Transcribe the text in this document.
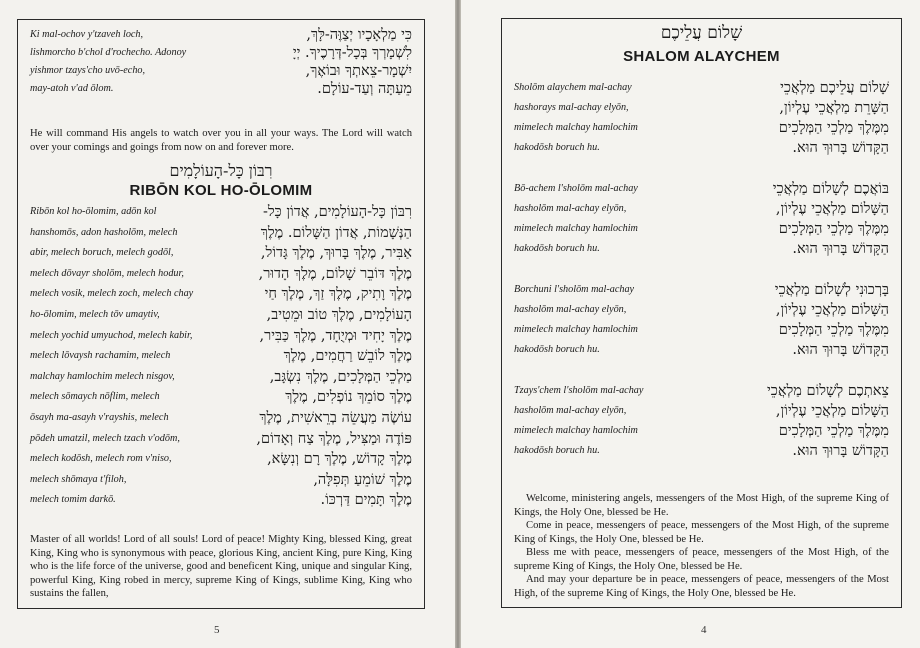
Ki mal-ochov y'tzaveh loch,	כִּי מַלְאָכָיו יְצַוֶּה-לָּךְ,
lishmorcho b'chol d'rochecho. Adonoy	לִשְׁמָרְךָ בְּכָל-דְּרָכֶיךָ. יְיָ
yishmor tzays'cho uvō-echo,	יִשְׁמָר-צֵאתְךָ וּבוֹאֶךָ,
may-atoh v'ad ōlom.	מֵעַתָּה וְעַד-עוֹלָם.
He will command His angels to watch over you in all your ways. The Lord will watch over your comings and goings from now on and forever more.
רִבּוֹן כָּל-הָעוֹלָמִים
RIBŌN KOL HO-ŌLOMIM
Ribōn kol ho-ōlomim, adōn kol	רִבּוֹן כָּל-הָעוֹלָמִים, אֲדוֹן כָּל-
hanshomōs, adon hasholōm, melech	הַנְּשָׁמוֹת, אֲדוֹן הַשָּׁלוֹם. מֶלֶךְ
abir, melech boruch, melech godōl,	אַבִּיר, מֶלֶךְ בָּרוּךְ, מֶלֶךְ גָּדוֹל,
melech dōvayr sholōm, melech hodur,	מֶלֶךְ דּוֹבֵר שָׁלוֹם, מֶלֶךְ הָדוּר,
melech vosik, melech zoch, melech chay	מֶלֶךְ וָתִיק, מֶלֶךְ זַךְ, מֶלֶךְ חַי
ho-ōlomim, melech tōv umaytiv,	הָעוֹלָמִים, מֶלֶךְ טוֹב וּמֵטִיב,
melech yochid umyuchod, melech kabir,	מֶלֶךְ יָחִיד וּמְיֻחָד, מֶלֶךְ כַּבִּיר,
melech lōvaysh rachamim, melech	מֶלֶךְ לוֹבֵשׁ רַחֲמִים, מֶלֶךְ
malchay hamlochim melech nisgov,	מַלְכֵי הַמְּלָכִים, מֶלֶךְ נִשְׂגָּב,
melech sōmaych nōflim, melech	מֶלֶךְ סוֹמֵךְ נוֹפְלִים, מֶלֶךְ
ōsayh ma-asayh v'rayshis, melech	עוֹשֶׂה מַעֲשֵׂה בְרֵאשִׁית, מֶלֶךְ
pōdeh umatzil, melech tzach v'odōm,	פּוֹדֶה וּמַצִּיל, מֶלֶךְ צַח וְאָדוֹם,
melech kodōsh, melech rom v'niso,	מֶלֶךְ קָדוֹשׁ, מֶלֶךְ רָם וְנִשָּׂא,
melech shōmaya t'filoh,	מֶלֶךְ שׁוֹמֵעַ תְּפִלָּה,
melech tomim darkō.	מֶלֶךְ תָּמִים דַּרְכּוֹ.
Master of all worlds! Lord of all souls! Lord of peace! Mighty King, blessed King, great King, King who is synonymous with peace, glorious King, ancient King, pure King, King who is the life force of the universe, good and beneficent King, unique and singular King, powerful King, King robed in mercy, supreme King of Kings, sublime King, King who sustains the fallen,
5
שָׁלוֹם עֲלֵיכֶם
SHALOM ALAYCHEM
Sholōm alaychem mal-achay	שָׁלוֹם עֲלֵיכֶם מַלְאֲכֵי
hashorays mal-achay elyōn,	הַשָּׁרֵת מַלְאֲכֵי עֶלְיוֹן,
mimelech malchay hamlochim	מִמֶּלֶךְ מַלְכֵי הַמְּלָכִים
hakodōsh boruch hu.	הַקָּדוֹשׁ בָּרוּךְ הוּא.
Bō-achem l'sholōm mal-achay	בּוֹאֲכֶם לְשָׁלוֹם מַלְאֲכֵי
hasholōm mal-achay elyōn,	הַשָּׁלוֹם מַלְאֲכֵי עֶלְיוֹן,
mimelech malchay hamlochim	מִמֶּלֶךְ מַלְכֵי הַמְּלָכִים
hakodōsh boruch hu.	הַקָּדוֹשׁ בָּרוּךְ הוּא.
Borchuni l'sholōm mal-achay	בָּרְכוּנִי לְשָׁלוֹם מַלְאֲכֵי
hasholōm mal-achay elyōn,	הַשָּׁלוֹם מַלְאֲכֵי עֶלְיוֹן,
mimelech malchay hamlochim	מִמֶּלֶךְ מַלְכֵי הַמְּלָכִים
hakodōsh boruch hu.	הַקָּדוֹשׁ בָּרוּךְ הוּא.
Tzays'chem l'sholōm mal-achay	צֵאתְכֶם לְשָׁלוֹם מַלְאֲכֵי
hasholōm mal-achay elyōn,	הַשָּׁלוֹם מַלְאֲכֵי עֶלְיוֹן,
mimelech malchay hamlochim	מִמֶּלֶךְ מַלְכֵי הַמְּלָכִים
hakodōsh boruch hu.	הַקָּדוֹשׁ בָּרוּךְ הוּא.

Welcome, ministering angels, messengers of the Most High, of the supreme King of Kings, the Holy One, blessed be He.

Come in peace, messengers of peace, messengers of the Most High, of the supreme King of Kings, the Holy One, blessed be He.

Bless me with peace, messengers of peace, messengers of the Most High, of the supreme King of Kings, the Holy One, blessed be He.

And may your departure be in peace, messengers of peace, messengers of the Most High, of the supreme King of Kings, the Holy One, blessed be He.

4
